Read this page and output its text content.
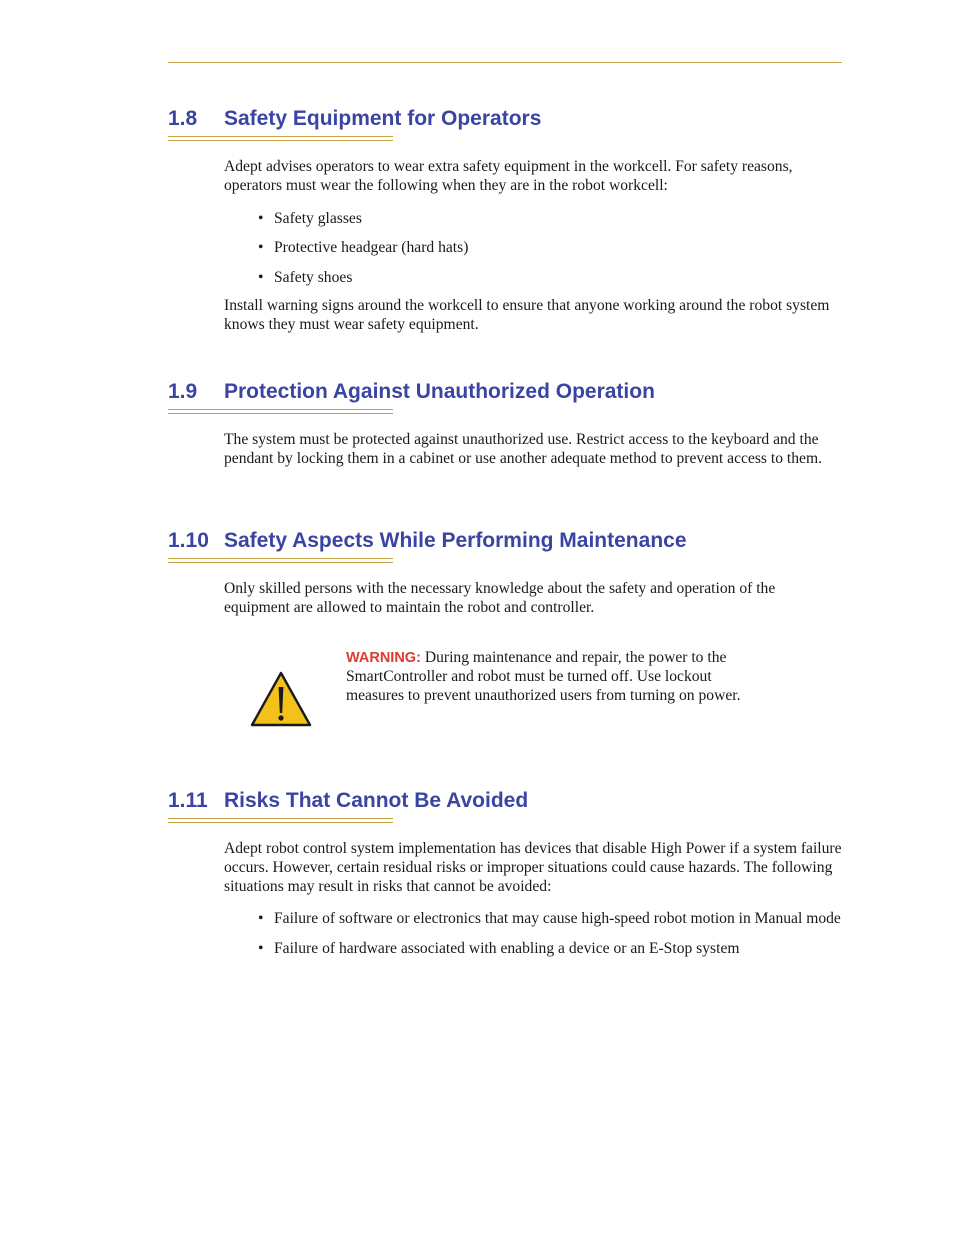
1.8 Safety Equipment for Operators

Adept advises operators to wear extra safety equipment in the workcell. For safety reasons, operators must wear the following when they are in the robot workcell:

• Safety glasses
• Protective headgear (hard hats)
• Safety shoes

Install warning signs around the workcell to ensure that anyone working around the robot system knows they must wear safety equipment.

1.9 Protection Against Unauthorized Operation

The system must be protected against unauthorized use. Restrict access to the keyboard and the pendant by locking them in a cabinet or use another adequate method to prevent access to them.

1.10 Safety Aspects While Performing Maintenance

Only skilled persons with the necessary knowledge about the safety and operation of the equipment are allowed to maintain the robot and controller.

WARNING: During maintenance and repair, the power to the SmartController and robot must be turned off. Use lockout measures to prevent unauthorized users from turning on power.
1.11 Risks That Cannot Be Avoided

Adept robot control system implementation has devices that disable High Power if a system failure occurs. However, certain residual risks or improper situations could cause hazards. The following situations may result in risks that cannot be avoided:

• Failure of software or electronics that may cause high-speed robot motion in Manual mode
• Failure of hardware associated with enabling a device or an E-Stop system
